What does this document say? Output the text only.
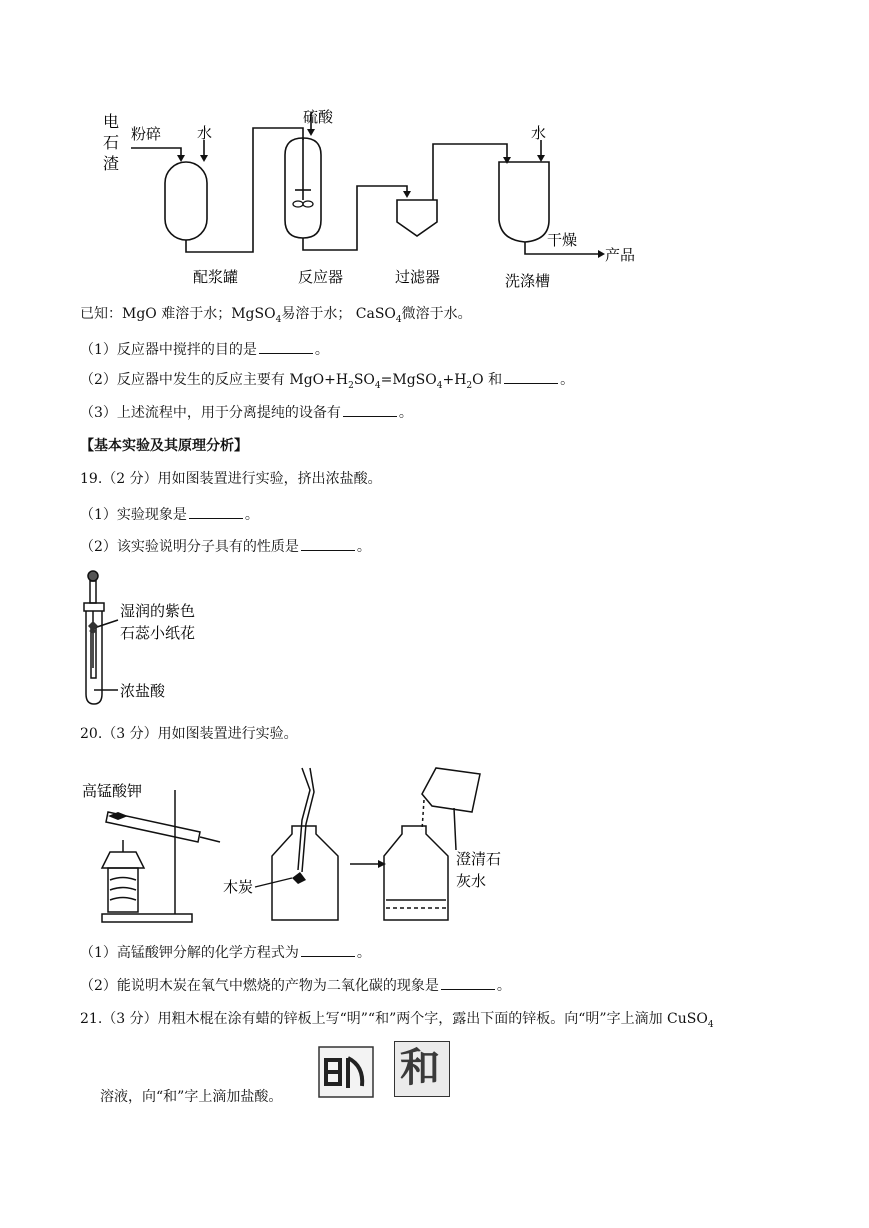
电
石
渣
粉碎 水
硫酸
水
配浆罐	反应器	过滤器	洗涤槽
干燥
产品
已知：MgO 难溶于水；MgSO$_4$易溶于水； CaSO$_4$微溶于水。
（1）反应器中搅拌的目的是	。
（2）反应器中发生的反应主要有 $MgO+H_2SO_4=MgSO_4+H_2O$ 和	。
（3）上述流程中，用于分离提纯的设备有	。
【基本实验及其原理分析】
19.（2 分）用如图装置进行实验，挤出浓盐酸。
（1）实验现象是	。
（2）该实验说明分子具有的性质是	。
湿润的紫色
石蕊小纸花
浓盐酸
20.（3 分）用如图装置进行实验。
高锰酸钾
木炭
澄清石
灰水
（1）高锰酸钾分解的化学方程式为	。
（2）能说明木炭在氧气中燃烧的产物为二氧化碳的现象是	。
21.（3 分）用粗木棍在涂有蜡的锌板上写“明”“和”两个字，露出下面的锌板。向“明”字上滴加 CuSO$_4$
溶液，向“和”字上滴加盐酸。
和
